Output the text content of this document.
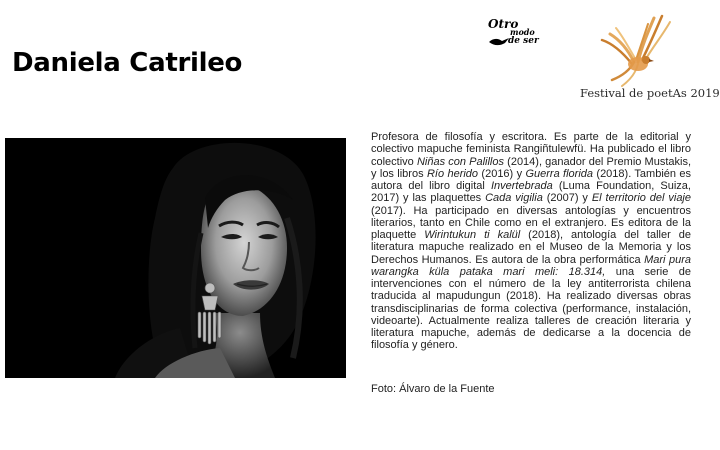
Daniela Catrileo
Otro
modo
de ser
Festival de poetAs 2019
Profesora de filosofía y escritora. Es parte de la editorial y colectivo mapuche feminista Rangiñtulewfü. Ha publicado el libro colectivo Niñas con Palillos (2014), ganador del Premio Mustakis, y los libros Río herido (2016) y Guerra florida (2018). También es autora del libro digital Invertebrada (Luma Foundation, Suiza, 2017) y las plaquettes Cada vigilia (2007) y El territorio del viaje (2017). Ha participado en diversas antologías y encuentros literarios, tanto en Chile como en el extranjero. Es editora de la plaquette Wirintukun ti kalül (2018), antología del taller de literatura mapuche realizado en el Museo de la Memoria y los Derechos Humanos. Es autora de la obra performática Mari pura warangka küla pataka mari meli: 18.314, una serie de intervenciones con el número de la ley antiterrorista chilena traducida al mapudungun (2018). Ha realizado diversas obras transdisciplinarias de forma colectiva (performance, instalación, videoarte). Actualmente realiza talleres de creación literaria y literatura mapuche, además de dedicarse a la docencia de filosofía y género.
Foto: Álvaro de la Fuente
